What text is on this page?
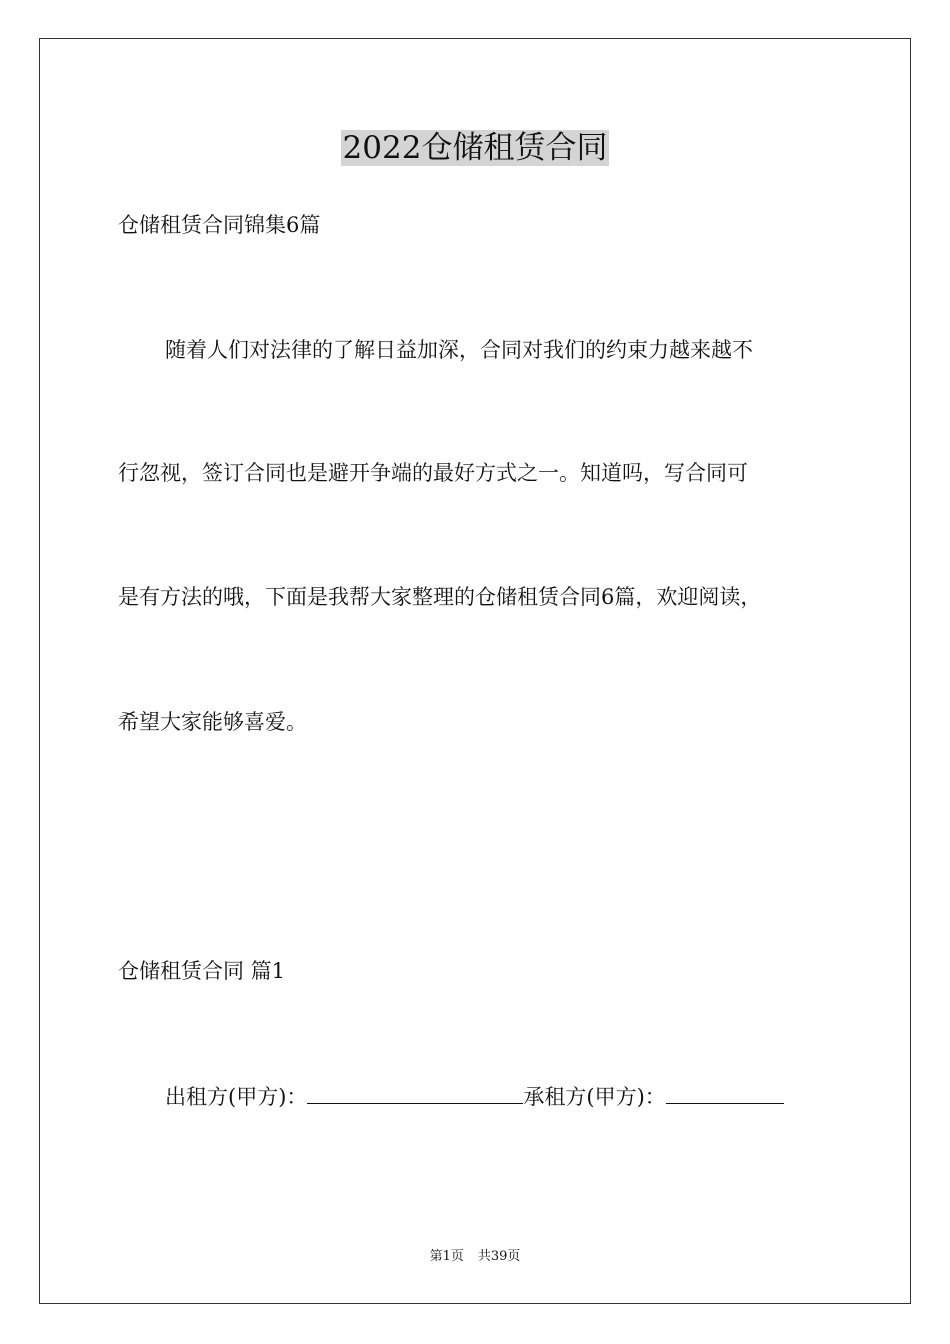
2022仓储租赁合同
仓储租赁合同锦集6篇
随着人们对法律的了解日益加深，合同对我们的约束力越来越不
行忽视，签订合同也是避开争端的最好方式之一。知道吗，写合同可
是有方法的哦，下面是我帮大家整理的仓储租赁合同6篇，欢迎阅读，
希望大家能够喜爱。
仓储租赁合同 篇1
出租方(甲方)：	承租方(甲方)：
第1页 共39页
